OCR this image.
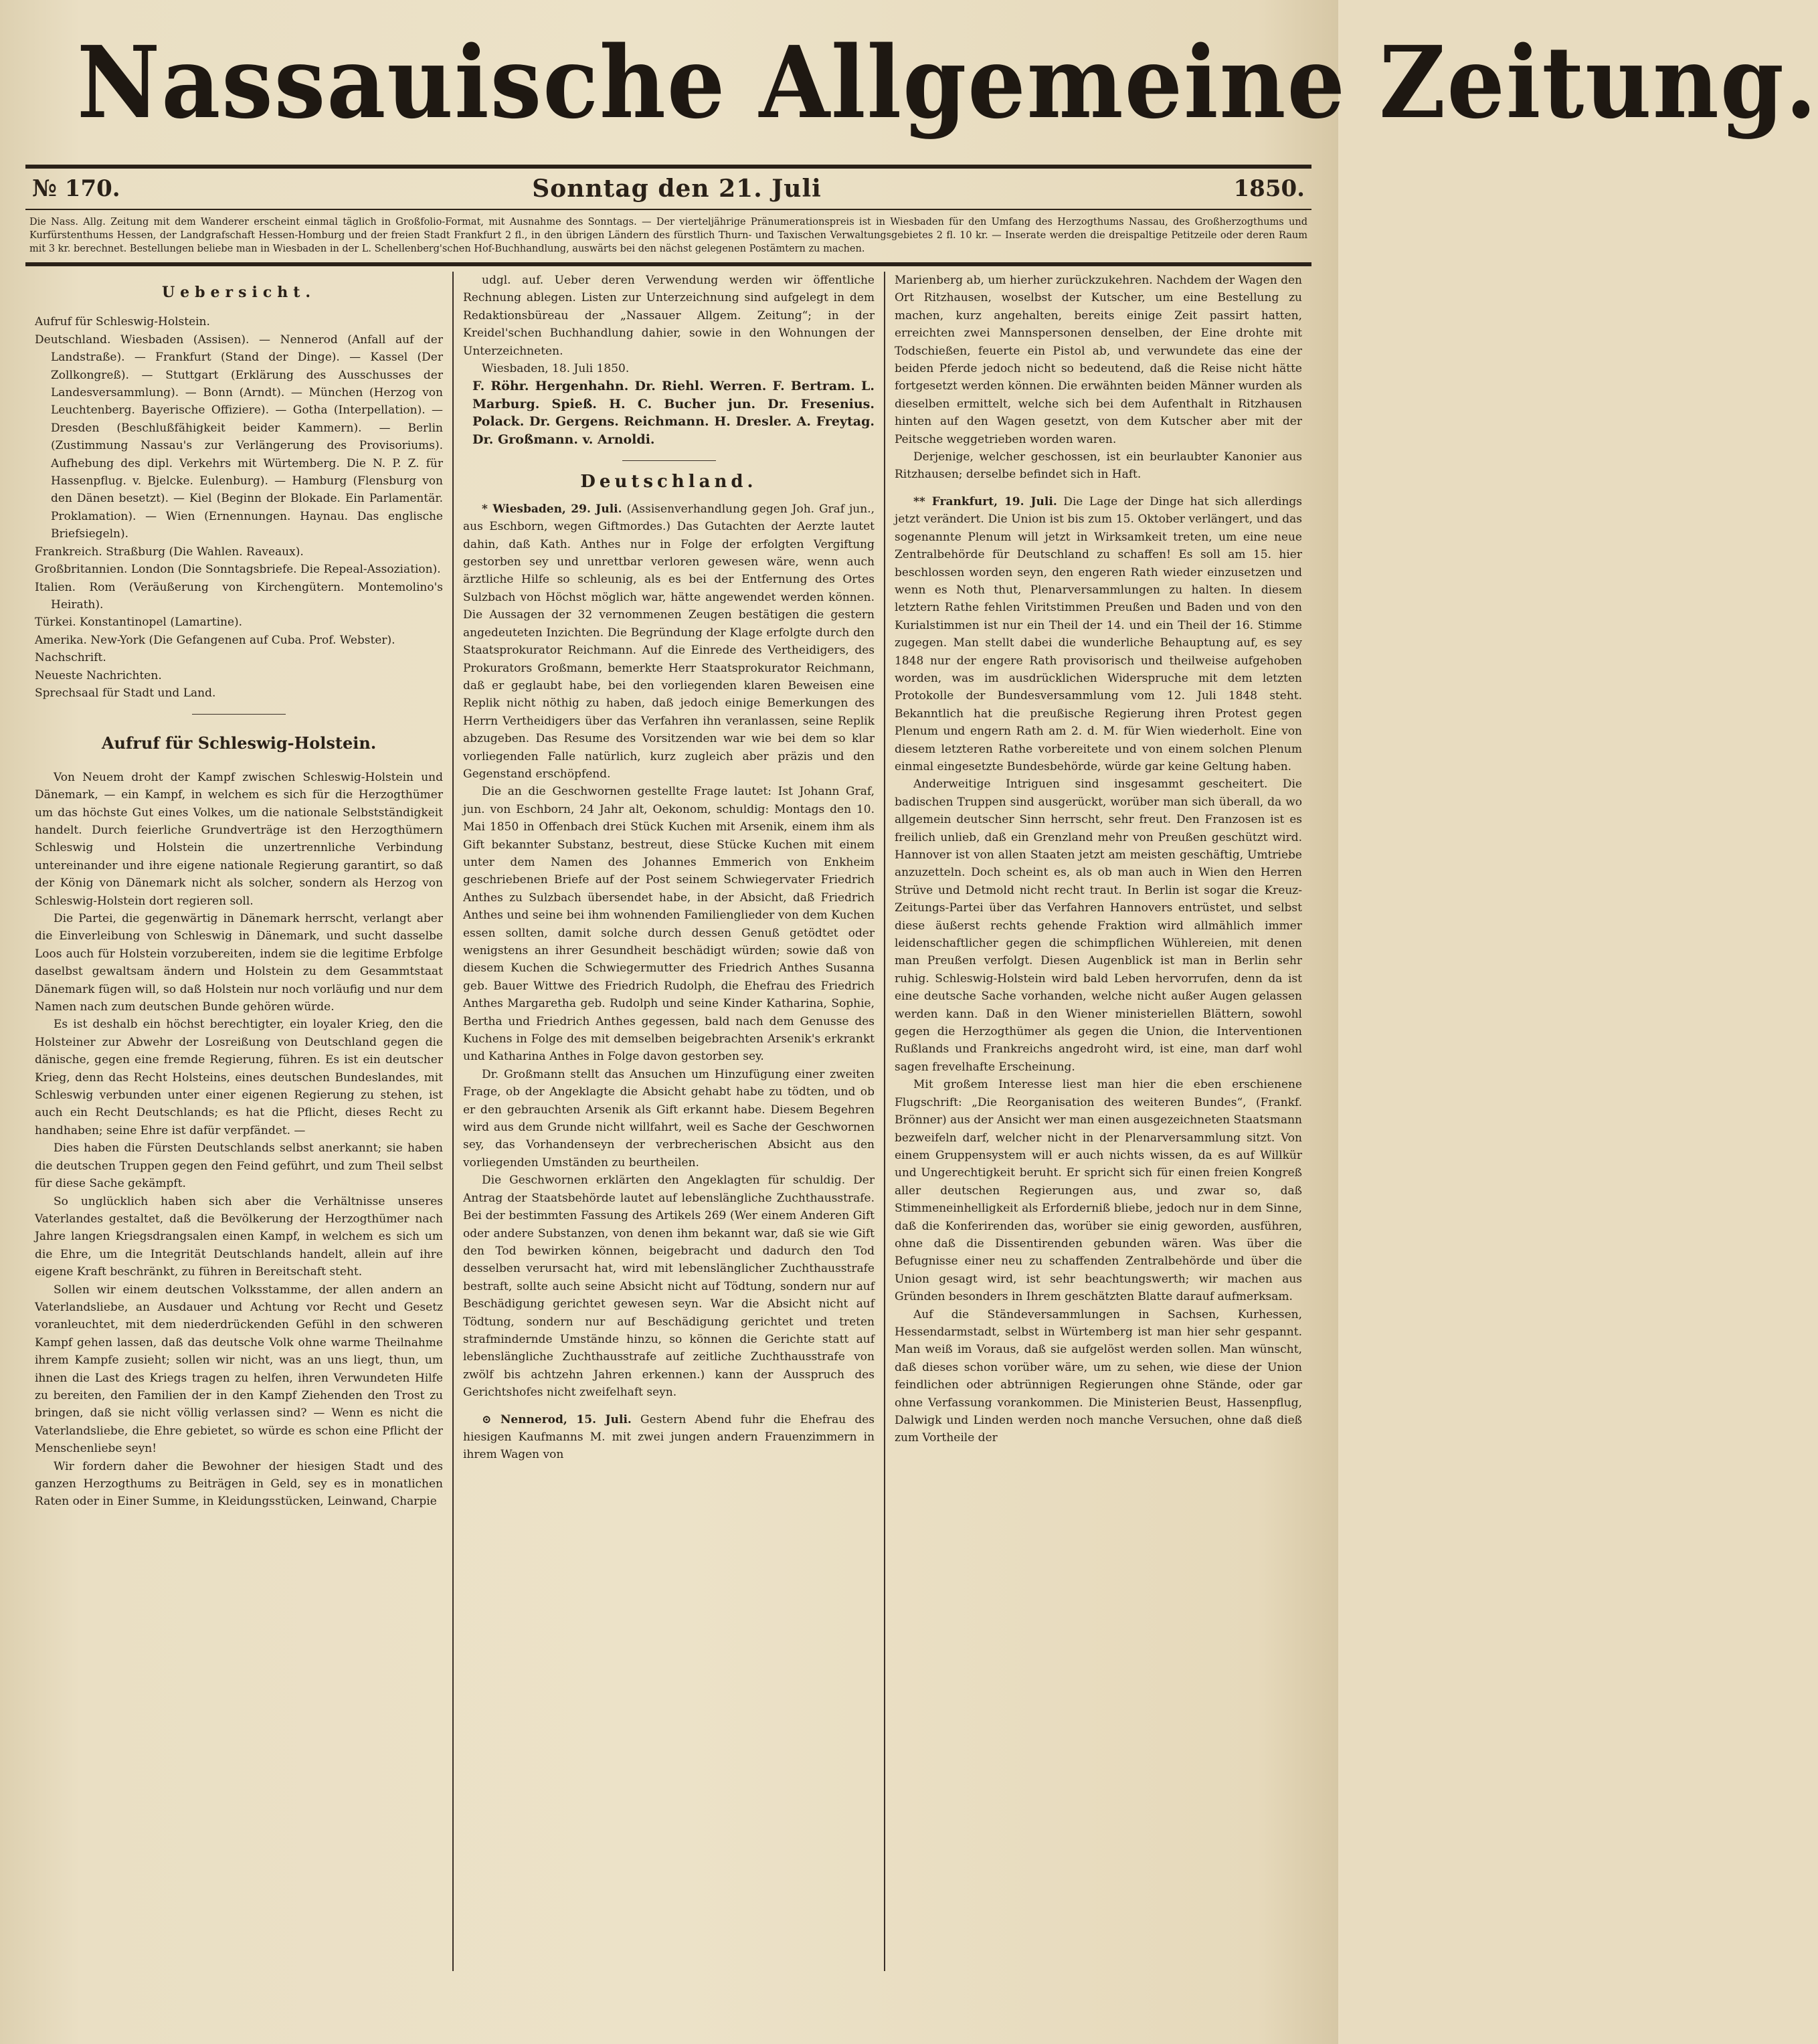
Nassauische Allgemeine Zeitung.
№ 170.	Sonntag den 21. Juli	1850.
Die Nass. Allg. Zeitung mit dem Wanderer erscheint einmal täglich in Großfolio-Format, mit Ausnahme des Sonntags. — Der vierteljährige Pränumerationspreis ist in Wiesbaden für den Umfang des Herzogthums Nassau, des Großherzogthums und Kurfürstenthums Hessen, der Landgrafschaft Hessen-Homburg und der freien Stadt Frankfurt 2 fl., in den übrigen Ländern des fürstlich Thurn- und Taxischen Verwaltungsgebietes 2 fl. 10 kr. — Inserate werden die dreispaltige Petitzeile oder deren Raum mit 3 kr. berechnet. Bestellungen beliebe man in Wiesbaden in der L. Schellenberg'schen Hof-Buchhandlung, auswärts bei den nächst gelegenen Postämtern zu machen.
Uebersicht.

Aufruf für Schleswig-Holstein.

Deutschland. Wiesbaden (Assisen). — Nennerod (Anfall auf der Landstraße). — Frankfurt (Stand der Dinge). — Kassel (Der Zollkongreß). — Stuttgart (Erklärung des Ausschusses der Landesversammlung). — Bonn (Arndt). — München (Herzog von Leuchtenberg. Bayerische Offiziere). — Gotha (Interpellation). — Dresden (Beschlußfähigkeit beider Kammern). — Berlin (Zustimmung Nassau's zur Verlängerung des Provisoriums). Aufhebung des dipl. Verkehrs mit Würtemberg. Die N. P. Z. für Hassenpflug. v. Bjelcke. Eulenburg). — Hamburg (Flensburg von den Dänen besetzt). — Kiel (Beginn der Blokade. Ein Parlamentär. Proklamation). — Wien (Ernennungen. Haynau. Das englische Briefsiegeln).

Frankreich. Straßburg (Die Wahlen. Raveaux).

Großbritannien. London (Die Sonntagsbriefe. Die Repeal-Assoziation).

Italien. Rom (Veräußerung von Kirchengütern. Montemolino's Heirath).

Türkei. Konstantinopel (Lamartine).

Amerika. New-York (Die Gefangenen auf Cuba. Prof. Webster).

Nachschrift.

Neueste Nachrichten.

Sprechsaal für Stadt und Land.

Aufruf für Schleswig-Holstein.

Von Neuem droht der Kampf zwischen Schleswig-Holstein und Dänemark, — ein Kampf, in welchem es sich für die Herzogthümer um das höchste Gut eines Volkes, um die nationale Selbstständigkeit handelt. Durch feierliche Grundverträge ist den Herzogthümern Schleswig und Holstein die unzertrennliche Verbindung untereinander und ihre eigene nationale Regierung garantirt, so daß der König von Dänemark nicht als solcher, sondern als Herzog von Schleswig-Holstein dort regieren soll.

Die Partei, die gegenwärtig in Dänemark herrscht, verlangt aber die Einverleibung von Schleswig in Dänemark, und sucht dasselbe Loos auch für Holstein vorzubereiten, indem sie die legitime Erbfolge daselbst gewaltsam ändern und Holstein zu dem Gesammtstaat Dänemark fügen will, so daß Holstein nur noch vorläufig und nur dem Namen nach zum deutschen Bunde gehören würde.

Es ist deshalb ein höchst berechtigter, ein loyaler Krieg, den die Holsteiner zur Abwehr der Losreißung von Deutschland gegen die dänische, gegen eine fremde Regierung, führen. Es ist ein deutscher Krieg, denn das Recht Holsteins, eines deutschen Bundeslandes, mit Schleswig verbunden unter einer eigenen Regierung zu stehen, ist auch ein Recht Deutschlands; es hat die Pflicht, dieses Recht zu handhaben; seine Ehre ist dafür verpfändet. —

Dies haben die Fürsten Deutschlands selbst anerkannt; sie haben die deutschen Truppen gegen den Feind geführt, und zum Theil selbst für diese Sache gekämpft.

So unglücklich haben sich aber die Verhältnisse unseres Vaterlandes gestaltet, daß die Bevölkerung der Herzogthümer nach Jahre langen Kriegsdrangsalen einen Kampf, in welchem es sich um die Ehre, um die Integrität Deutschlands handelt, allein auf ihre eigene Kraft beschränkt, zu führen in Bereitschaft steht.

Sollen wir einem deutschen Volksstamme, der allen andern an Vaterlandsliebe, an Ausdauer und Achtung vor Recht und Gesetz voranleuchtet, mit dem niederdrückenden Gefühl in den schweren Kampf gehen lassen, daß das deutsche Volk ohne warme Theilnahme ihrem Kampfe zusieht; sollen wir nicht, was an uns liegt, thun, um ihnen die Last des Kriegs tragen zu helfen, ihren Verwundeten Hilfe zu bereiten, den Familien der in den Kampf Ziehenden den Trost zu bringen, daß sie nicht völlig verlassen sind? — Wenn es nicht die Vaterlandsliebe, die Ehre gebietet, so würde es schon eine Pflicht der Menschenliebe seyn!

Wir fordern daher die Bewohner der hiesigen Stadt und des ganzen Herzogthums zu Beiträgen in Geld, sey es in monatlichen Raten oder in Einer Summe, in Kleidungsstücken, Leinwand, Charpie

udgl. auf. Ueber deren Verwendung werden wir öffentliche Rechnung ablegen. Listen zur Unterzeichnung sind aufgelegt in dem Redaktionsbüreau der „Nassauer Allgem. Zeitung“; in der Kreidel'schen Buchhandlung dahier, sowie in den Wohnungen der Unterzeichneten.

Wiesbaden, 18. Juli 1850.

F. Röhr. Hergenhahn. Dr. Riehl. Werren. F. Bertram. L. Marburg. Spieß. H. C. Bucher jun. Dr. Fresenius. Polack. Dr. Gergens. Reichmann. H. Dresler. A. Freytag. Dr. Großmann. v. Arnoldi.

Deutschland.

* Wiesbaden, 29. Juli. (Assisenverhandlung gegen Joh. Graf jun., aus Eschborn, wegen Giftmordes.) Das Gutachten der Aerzte lautet dahin, daß Kath. Anthes nur in Folge der erfolgten Vergiftung gestorben sey und unrettbar verloren gewesen wäre, wenn auch ärztliche Hilfe so schleunig, als es bei der Entfernung des Ortes Sulzbach von Höchst möglich war, hätte angewendet werden können. Die Aussagen der 32 vernommenen Zeugen bestätigen die gestern angedeuteten Inzichten. Die Begründung der Klage erfolgte durch den Staatsprokurator Reichmann. Auf die Einrede des Vertheidigers, des Prokurators Großmann, bemerkte Herr Staatsprokurator Reichmann, daß er geglaubt habe, bei den vorliegenden klaren Beweisen eine Replik nicht nöthig zu haben, daß jedoch einige Bemerkungen des Herrn Vertheidigers über das Verfahren ihn veranlassen, seine Replik abzugeben. Das Resume des Vorsitzenden war wie bei dem so klar vorliegenden Falle natürlich, kurz zugleich aber präzis und den Gegenstand erschöpfend.

Die an die Geschwornen gestellte Frage lautet: Ist Johann Graf, jun. von Eschborn, 24 Jahr alt, Oekonom, schuldig: Montags den 10. Mai 1850 in Offenbach drei Stück Kuchen mit Arsenik, einem ihm als Gift bekannter Substanz, bestreut, diese Stücke Kuchen mit einem unter dem Namen des Johannes Emmerich von Enkheim geschriebenen Briefe auf der Post seinem Schwiegervater Friedrich Anthes zu Sulzbach übersendet habe, in der Absicht, daß Friedrich Anthes und seine bei ihm wohnenden Familienglieder von dem Kuchen essen sollten, damit solche durch dessen Genuß getödtet oder wenigstens an ihrer Gesundheit beschädigt würden; sowie daß von diesem Kuchen die Schwiegermutter des Friedrich Anthes Susanna geb. Bauer Wittwe des Friedrich Rudolph, die Ehefrau des Friedrich Anthes Margaretha geb. Rudolph und seine Kinder Katharina, Sophie, Bertha und Friedrich Anthes gegessen, bald nach dem Genusse des Kuchens in Folge des mit demselben beigebrachten Arsenik's erkrankt und Katharina Anthes in Folge davon gestorben sey.

Dr. Großmann stellt das Ansuchen um Hinzufügung einer zweiten Frage, ob der Angeklagte die Absicht gehabt habe zu tödten, und ob er den gebrauchten Arsenik als Gift erkannt habe. Diesem Begehren wird aus dem Grunde nicht willfahrt, weil es Sache der Geschwornen sey, das Vorhandenseyn der verbrecherischen Absicht aus den vorliegenden Umständen zu beurtheilen.

Die Geschwornen erklärten den Angeklagten für schuldig. Der Antrag der Staatsbehörde lautet auf lebenslängliche Zuchthausstrafe. Bei der bestimmten Fassung des Artikels 269 (Wer einem Anderen Gift oder andere Substanzen, von denen ihm bekannt war, daß sie wie Gift den Tod bewirken können, beigebracht und dadurch den Tod desselben verursacht hat, wird mit lebenslänglicher Zuchthausstrafe bestraft, sollte auch seine Absicht nicht auf Tödtung, sondern nur auf Beschädigung gerichtet gewesen seyn. War die Absicht nicht auf Tödtung, sondern nur auf Beschädigung gerichtet und treten strafmindernde Umstände hinzu, so können die Gerichte statt auf lebenslängliche Zuchthausstrafe auf zeitliche Zuchthausstrafe von zwölf bis achtzehn Jahren erkennen.) kann der Ausspruch des Gerichtshofes nicht zweifelhaft seyn.

⊙ Nennerod, 15. Juli. Gestern Abend fuhr die Ehefrau des hiesigen Kaufmanns M. mit zwei jungen andern Frauenzimmern in ihrem Wagen von

Marienberg ab, um hierher zurückzukehren. Nachdem der Wagen den Ort Ritzhausen, woselbst der Kutscher, um eine Bestellung zu machen, kurz angehalten, bereits einige Zeit passirt hatten, erreichten zwei Mannspersonen denselben, der Eine drohte mit Todschießen, feuerte ein Pistol ab, und verwundete das eine der beiden Pferde jedoch nicht so bedeutend, daß die Reise nicht hätte fortgesetzt werden können. Die erwähnten beiden Männer wurden als dieselben ermittelt, welche sich bei dem Aufenthalt in Ritzhausen hinten auf den Wagen gesetzt, von dem Kutscher aber mit der Peitsche weggetrieben worden waren.

Derjenige, welcher geschossen, ist ein beurlaubter Kanonier aus Ritzhausen; derselbe befindet sich in Haft.

** Frankfurt, 19. Juli. Die Lage der Dinge hat sich allerdings jetzt verändert. Die Union ist bis zum 15. Oktober verlängert, und das sogenannte Plenum will jetzt in Wirksamkeit treten, um eine neue Zentralbehörde für Deutschland zu schaffen! Es soll am 15. hier beschlossen worden seyn, den engeren Rath wieder einzusetzen und wenn es Noth thut, Plenarversammlungen zu halten. In diesem letztern Rathe fehlen Viritstimmen Preußen und Baden und von den Kurialstimmen ist nur ein Theil der 14. und ein Theil der 16. Stimme zugegen. Man stellt dabei die wunderliche Behauptung auf, es sey 1848 nur der engere Rath provisorisch und theilweise aufgehoben worden, was im ausdrücklichen Widerspruche mit dem letzten Protokolle der Bundesversammlung vom 12. Juli 1848 steht. Bekanntlich hat die preußische Regierung ihren Protest gegen Plenum und engern Rath am 2. d. M. für Wien wiederholt. Eine von diesem letzteren Rathe vorbereitete und von einem solchen Plenum einmal eingesetzte Bundesbehörde, würde gar keine Geltung haben.

Anderweitige Intriguen sind insgesammt gescheitert. Die badischen Truppen sind ausgerückt, worüber man sich überall, da wo allgemein deutscher Sinn herrscht, sehr freut. Den Franzosen ist es freilich unlieb, daß ein Grenzland mehr von Preußen geschützt wird. Hannover ist von allen Staaten jetzt am meisten geschäftig, Umtriebe anzuzetteln. Doch scheint es, als ob man auch in Wien den Herren Strüve und Detmold nicht recht traut. In Berlin ist sogar die Kreuz-Zeitungs-Partei über das Verfahren Hannovers entrüstet, und selbst diese äußerst rechts gehende Fraktion wird allmählich immer leidenschaftlicher gegen die schimpflichen Wühlereien, mit denen man Preußen verfolgt. Diesen Augenblick ist man in Berlin sehr ruhig. Schleswig-Holstein wird bald Leben hervorrufen, denn da ist eine deutsche Sache vorhanden, welche nicht außer Augen gelassen werden kann. Daß in den Wiener ministeriellen Blättern, sowohl gegen die Herzogthümer als gegen die Union, die Interventionen Rußlands und Frankreichs angedroht wird, ist eine, man darf wohl sagen frevelhafte Erscheinung.

Mit großem Interesse liest man hier die eben erschienene Flugschrift: „Die Reorganisation des weiteren Bundes“, (Frankf. Brönner) aus der Ansicht wer man einen ausgezeichneten Staatsmann bezweifeln darf, welcher nicht in der Plenarversammlung sitzt. Von einem Gruppensystem will er auch nichts wissen, da es auf Willkür und Ungerechtigkeit beruht. Er spricht sich für einen freien Kongreß aller deutschen Regierungen aus, und zwar so, daß Stimmeneinhelligkeit als Erforderniß bliebe, jedoch nur in dem Sinne, daß die Konferirenden das, worüber sie einig geworden, ausführen, ohne daß die Dissentirenden gebunden wären. Was über die Befugnisse einer neu zu schaffenden Zentralbehörde und über die Union gesagt wird, ist sehr beachtungswerth; wir machen aus Gründen besonders in Ihrem geschätzten Blatte darauf aufmerksam.

Auf die Ständeversammlungen in Sachsen, Kurhessen, Hessendarmstadt, selbst in Würtemberg ist man hier sehr gespannt. Man weiß im Voraus, daß sie aufgelöst werden sollen. Man wünscht, daß dieses schon vorüber wäre, um zu sehen, wie diese der Union feindlichen oder abtrünnigen Regierungen ohne Stände, oder gar ohne Verfassung vorankommen. Die Ministerien Beust, Hassenpflug, Dalwigk und Linden werden noch manche Versuchen, ohne daß dieß zum Vortheile der
